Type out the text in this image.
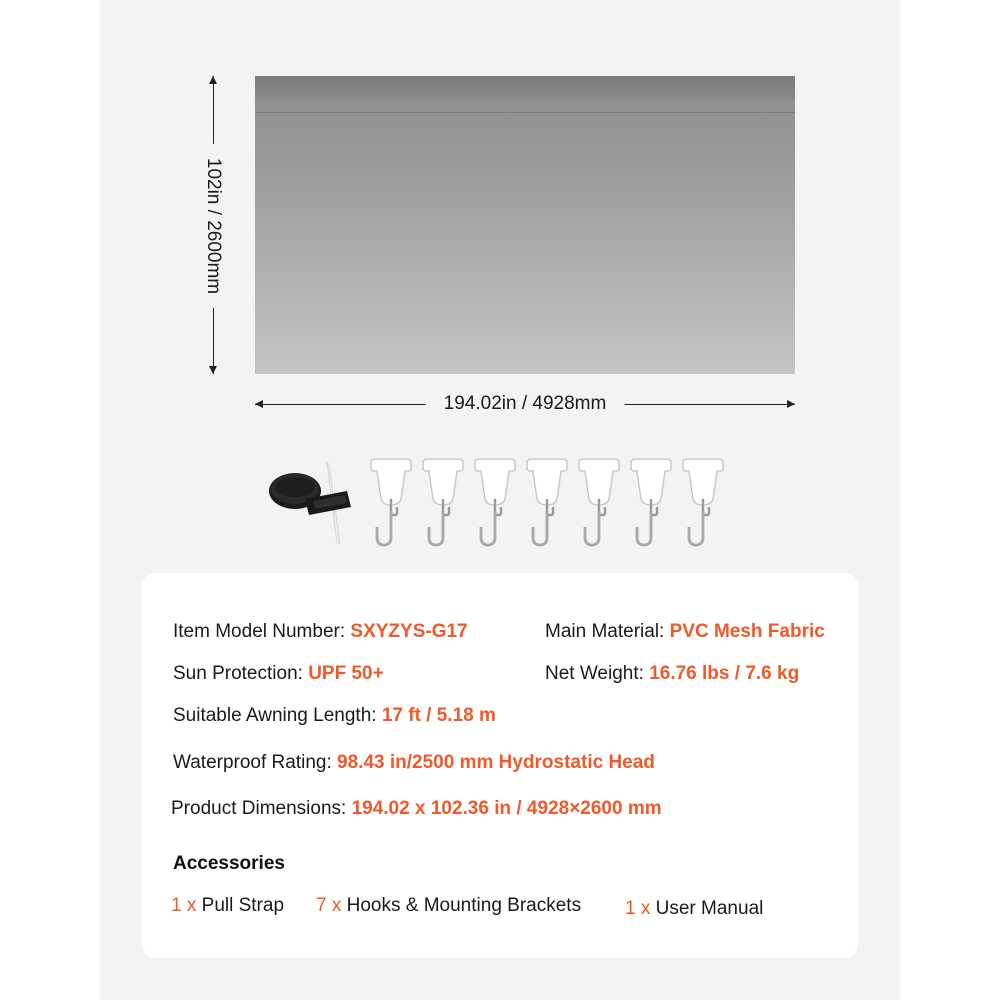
102in / 2600mm
194.02in / 4928mm
Item Model Number: SXYZYS-G17	Main Material: PVC Mesh Fabric
Sun Protection: UPF 50+	Net Weight: 16.76 lbs / 7.6 kg
Suitable Awning Length: 17 ft / 5.18 m
Waterproof Rating: 98.43 in/2500 mm Hydrostatic Head
Product Dimensions: 194.02 x 102.36 in / 4928×2600 mm
Accessories
1 x Pull Strap 7 x Hooks & Mounting Brackets 1 x User Manual
